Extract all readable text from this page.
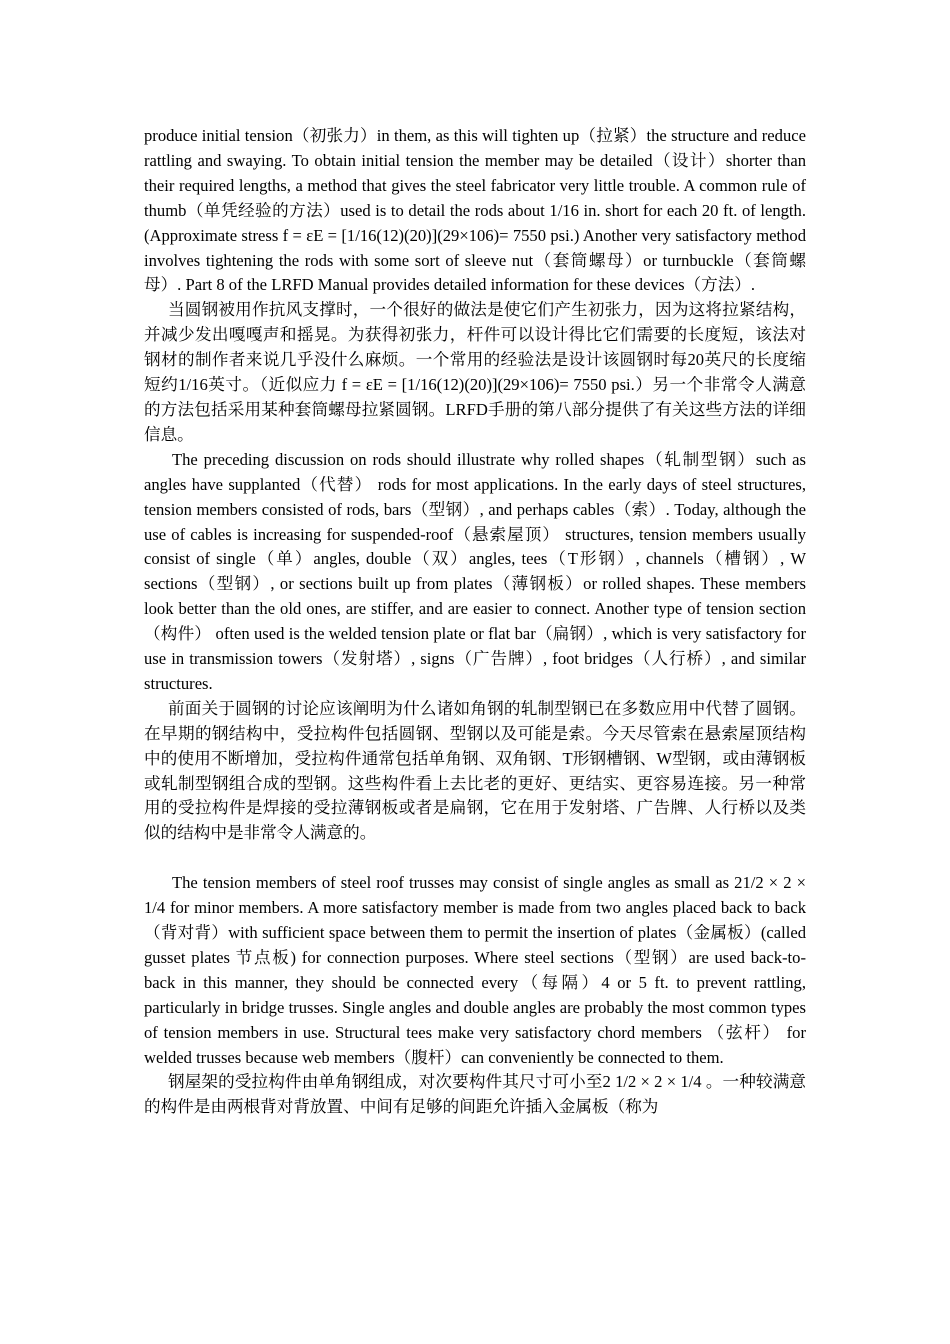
produce initial tension（初张力）in them, as this will tighten up（拉紧）the structure and reduce rattling and swaying. To obtain initial tension the member may be detailed（设计）shorter than their required lengths, a method that gives the steel fabricator very little trouble. A common rule of thumb（单凭经验的方法）used is to detail the rods about 1/16 in. short for each 20 ft. of length. (Approximate stress f = εE = [1/16(12)(20)](29×106)= 7550 psi.) Another very satisfactory method involves tightening the rods with some sort of sleeve nut（套筒螺母）or turnbuckle（套筒螺母）. Part 8 of the LRFD Manual provides detailed information for these devices（方法）.

当圆钢被用作抗风支撑时，一个很好的做法是使它们产生初张力，因为这将拉紧结构，并减少发出嘎嘎声和摇晃。为获得初张力，杆件可以设计得比它们需要的长度短，该法对钢材的制作者来说几乎没什么麻烦。一个常用的经验法是设计该圆钢时每20英尺的长度缩短约1/16英寸。（近似应力 f = εE = [1/16(12)(20)](29×106)= 7550 psi.）另一个非常令人满意的方法包括采用某种套筒螺母拉紧圆钢。LRFD手册的第八部分提供了有关这些方法的详细信息。

The preceding discussion on rods should illustrate why rolled shapes（轧制型钢）such as angles have supplanted（代替） rods for most applications. In the early days of steel structures, tension members consisted of rods, bars（型钢）, and perhaps cables（索）. Today, although the use of cables is increasing for suspended-roof（悬索屋顶） structures, tension members usually consist of single（单）angles, double（双）angles, tees（T形钢）, channels（槽钢）, W sections（型钢）, or sections built up from plates（薄钢板）or rolled shapes. These members look better than the old ones, are stiffer, and are easier to connect. Another type of tension section（构件） often used is the welded tension plate or flat bar（扁钢）, which is very satisfactory for use in transmission towers（发射塔）, signs（广告牌）, foot bridges（人行桥）, and similar structures.

前面关于圆钢的讨论应该阐明为什么诸如角钢的轧制型钢已在多数应用中代替了圆钢。在早期的钢结构中，受拉构件包括圆钢、型钢以及可能是索。今天尽管索在悬索屋顶结构中的使用不断增加，受拉构件通常包括单角钢、双角钢、T形钢槽钢、W型钢，或由薄钢板或轧制型钢组合成的型钢。这些构件看上去比老的更好、更结实、更容易连接。另一种常用的受拉构件是焊接的受拉薄钢板或者是扁钢，它在用于发射塔、广告牌、人行桥以及类似的结构中是非常令人满意的。

The tension members of steel roof trusses may consist of single angles as small as 21/2 × 2 × 1/4 for minor members. A more satisfactory member is made from two angles placed back to back（背对背）with sufficient space between them to permit the insertion of plates（金属板）(called gusset plates 节点板) for connection purposes. Where steel sections（型钢）are used back-to-back in this manner, they should be connected every（每隔）4 or 5 ft. to prevent rattling, particularly in bridge trusses. Single angles and double angles are probably the most common types of tension members in use. Structural tees make very satisfactory chord members （弦杆） for welded trusses because web members（腹杆）can conveniently be connected to them.

钢屋架的受拉构件由单角钢组成，对次要构件其尺寸可小至2 1/2 × 2 × 1/4 。一种较满意的构件是由两根背对背放置、中间有足够的间距允许插入金属板（称为
